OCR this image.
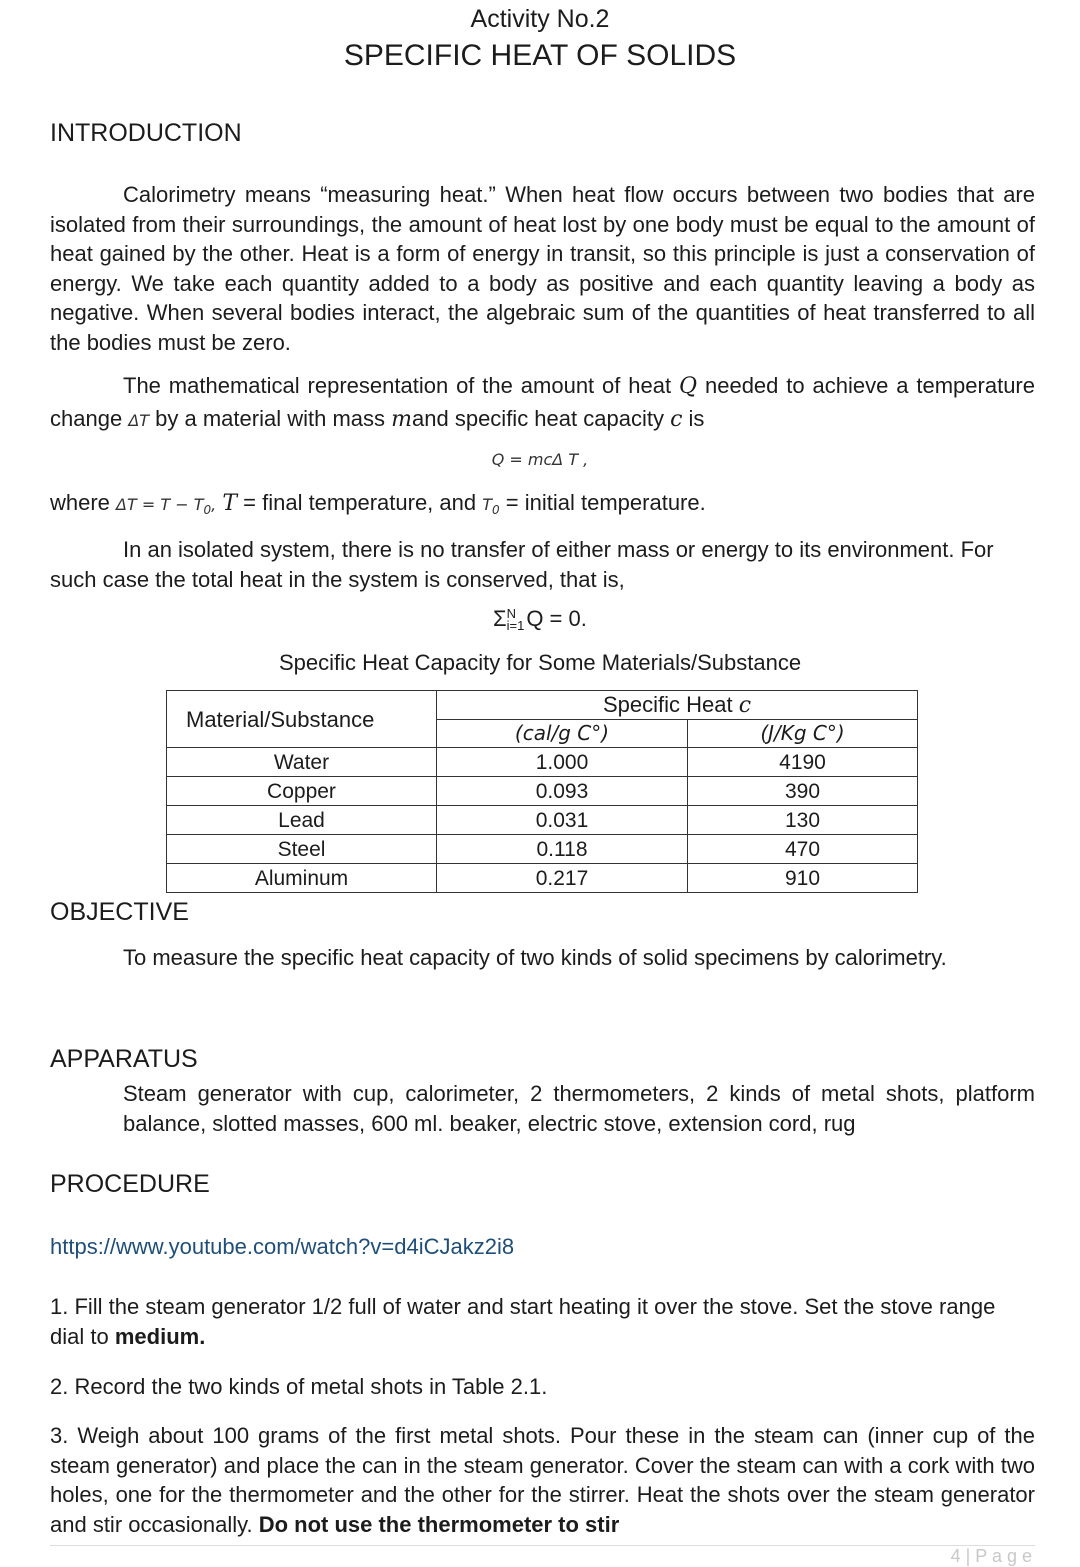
Activity No.2
SPECIFIC HEAT OF SOLIDS
INTRODUCTION
Calorimetry means “measuring heat.” When heat flow occurs between two bodies that are isolated from their surroundings, the amount of heat lost by one body must be equal to the amount of heat gained by the other. Heat is a form of energy in transit, so this principle is just a conservation of energy. We take each quantity added to a body as positive and each quantity leaving a body as negative. When several bodies interact, the algebraic sum of the quantities of heat transferred to all the bodies must be zero.
The mathematical representation of the amount of heat Q needed to achieve a temperature change ΔT by a material with mass mand specific heat capacity c is
Q = mcΔ T ,
where $\Delta T = T - T_0$, T = final temperature, and $T_0$ = initial temperature.
In an isolated system, there is no transfer of either mass or energy to its environment. For such case the total heat in the system is conserved, that is,
Σ N
i=1 Q = 0.
Specific Heat Capacity for Some Materials/Substance
Material/Substance	Specific Heat c	
	(cal/g C°)	(J/Kg C°)
Water	1.000	4190
Copper	0.093	390
Lead	0.031	130
Steel	0.118	470
Aluminum	0.217	910
OBJECTIVE
To measure the specific heat capacity of two kinds of solid specimens by calorimetry.
APPARATUS
Steam generator with cup, calorimeter, 2 thermometers, 2 kinds of metal shots, platform balance, slotted masses, 600 ml. beaker, electric stove, extension cord, rug
PROCEDURE
https://www.youtube.com/watch?v=d4iCJakz2i8
1. Fill the steam generator 1/2 full of water and start heating it over the stove. Set the stove range dial to medium.
2. Record the two kinds of metal shots in Table 2.1.
3. Weigh about 100 grams of the first metal shots. Pour these in the steam can (inner cup of the steam generator) and place the can in the steam generator. Cover the steam can with a cork with two holes, one for the thermometer and the other for the stirrer. Heat the shots over the steam generator and stir occasionally. Do not use the thermometer to stir
4 | P a g e
